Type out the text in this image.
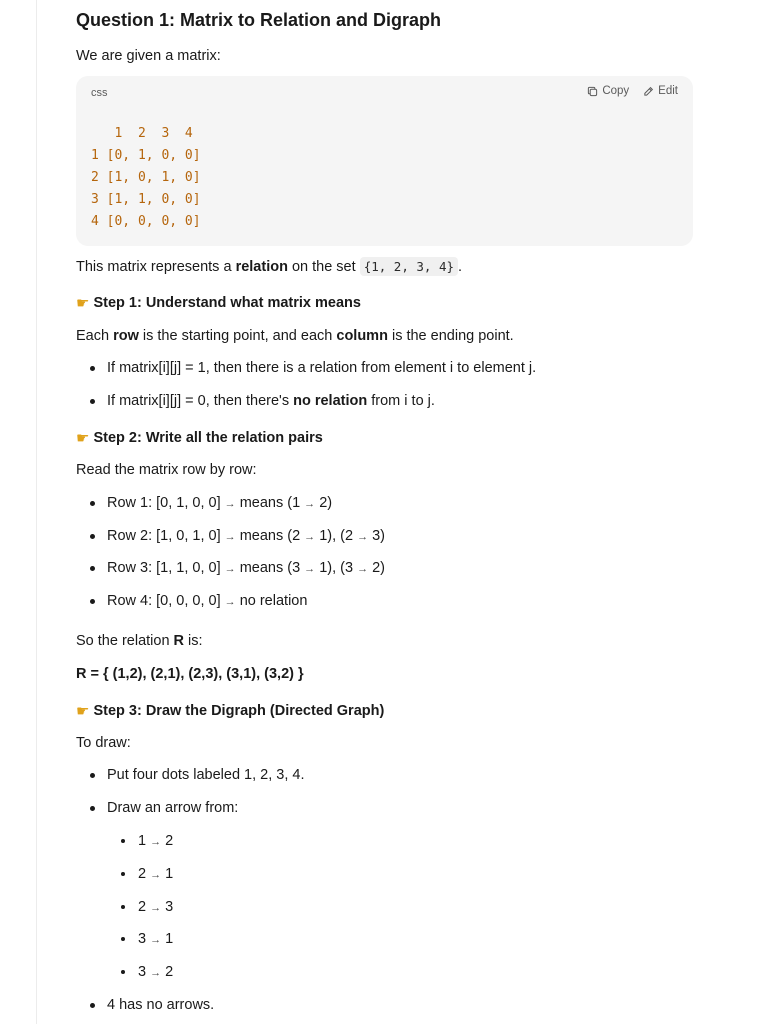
Question 1: Matrix to Relation and Digraph
We are given a matrix:
css	Copy	Edit
1  2  3  4
1 [0, 1, 0, 0]
2 [1, 0, 1, 0]
3 [1, 1, 0, 0]
4 [0, 0, 0, 0]
This matrix represents a relation on the set {1, 2, 3, 4} .
☛ Step 1: Understand what matrix means
Each row is the starting point, and each column is the ending point.
If matrix[i][j] = 1, then there is a relation from element i to element j.
If matrix[i][j] = 0, then there's no relation from i to j.
☛ Step 2: Write all the relation pairs
Read the matrix row by row:
Row 1: [0, 1, 0, 0] → means (1 → 2)
Row 2: [1, 0, 1, 0] → means (2 → 1), (2 → 3)
Row 3: [1, 1, 0, 0] → means (3 → 1), (3 → 2)
Row 4: [0, 0, 0, 0] → no relation
So the relation R is:
R = { (1,2), (2,1), (2,3), (3,1), (3,2) }
☛ Step 3: Draw the Digraph (Directed Graph)
To draw:
Put four dots labeled 1, 2, 3, 4.
Draw an arrow from:
1 → 2
2 → 1
2 → 3
3 → 1
3 → 2
4 has no arrows.
